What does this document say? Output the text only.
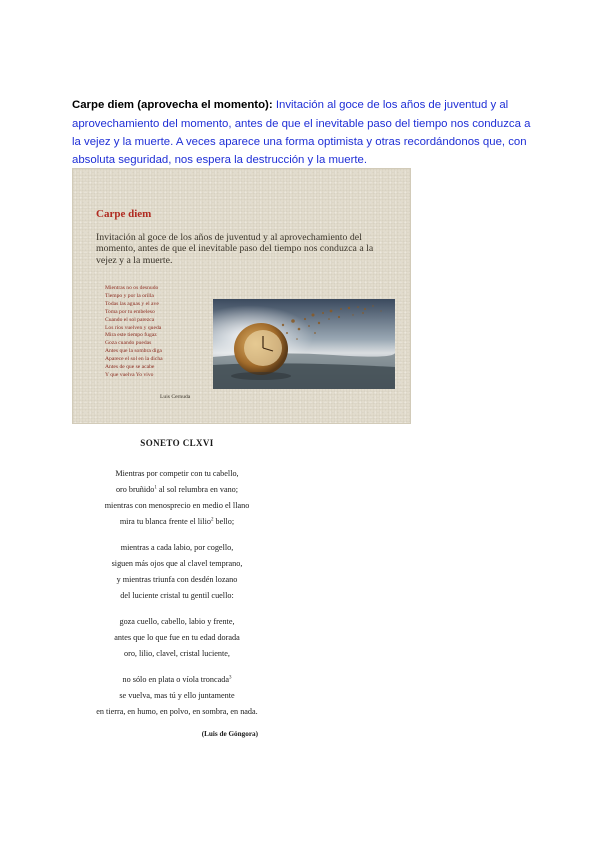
Carpe diem (aprovecha el momento): Invitación al goce de los años de juventud y al aprovechamiento del momento, antes de que el inevitable paso del tiempo nos conduzca a la vejez y la muerte. A veces aparece una forma optimista y otras recordándonos que, con absoluta seguridad, nos espera la destrucción y la muerte.

Carpe diem
Invitación al goce de los años de juventud y al aprovechamiento del momento, antes de que el inevitable paso del tiempo nos conduzca a la vejez y a la muerte.
Mientras no os desnudo
Tiempo y por la orilla
Todas las aguas y el ave
Toma por tu embeleso
Cuando el sol parezca
Los ríos vuelven y queda
Mira este tiempo fugaz
Goza cuando puedas
Antes que la sombra diga
Aparece el sol en la dicha
Antes de que se acabe
Y que vuelva Yo vivo
Luis Cernuda
SONETO CLXVI
Mientras por competir con tu cabello,
oro bruñido$^1$ al sol relumbra en vano;
mientras con menosprecio en medio el llano
mira tu blanca frente el lilio$^2$ bello;
mientras a cada labio, por cogello,
siguen más ojos que al clavel temprano,
y mientras triunfa con desdén lozano
del luciente cristal tu gentil cuello:
goza cuello, cabello, labio y frente,
antes que lo que fue en tu edad dorada
oro, lilio, clavel, cristal luciente,
no sólo en plata o víola troncada$^3$
se vuelva, mas tú y ello juntamente
en tierra, en humo, en polvo, en sombra, en nada.
(Luis de Góngora)
